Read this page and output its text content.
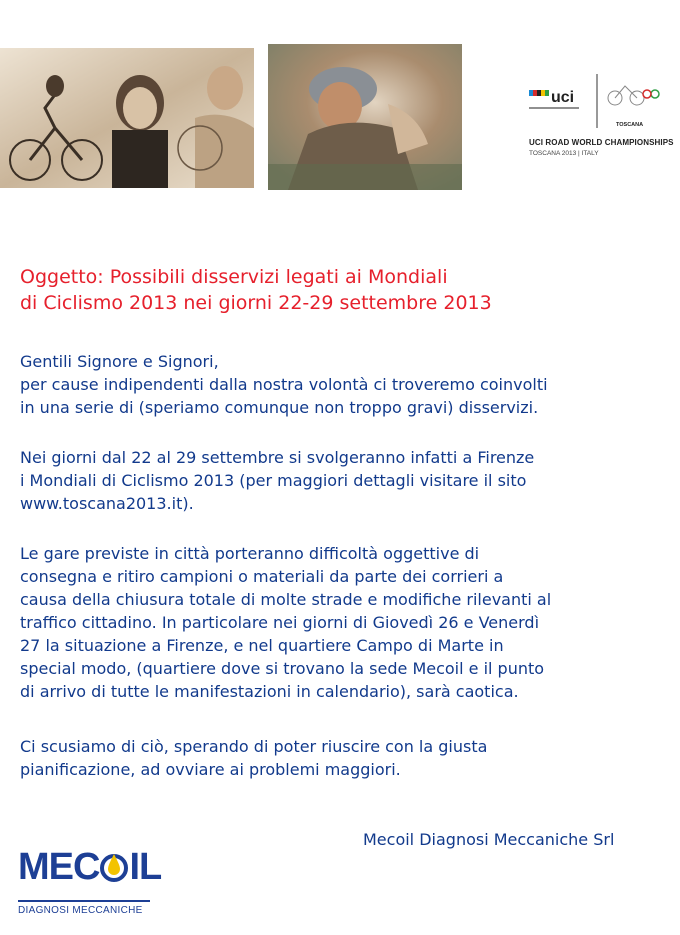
uci
TOSCANA
UCI ROAD WORLD CHAMPIONSHIPS
TOSCANA 2013 | ITALY
Oggetto: Possibili disservizi legati ai Mondiali
di Ciclismo 2013 nei giorni 22-29 settembre 2013

Gentili Signore e Signori,
per cause indipendenti dalla nostra volontà ci troveremo coinvolti
in una serie di (speriamo comunque non troppo gravi) disservizi.

Nei giorni dal 22 al 29 settembre si svolgeranno infatti a Firenze
i Mondiali di Ciclismo 2013 (per maggiori dettagli visitare il sito
www.toscana2013.it).

Le gare previste in città porteranno difficoltà oggettive di
consegna e ritiro campioni o materiali da parte dei corrieri a
causa della chiusura totale di molte strade e modifiche rilevanti al
traffico cittadino. In particolare nei giorni di Giovedì 26 e Venerdì
27 la situazione a Firenze, e nel quartiere Campo di Marte in
special modo, (quartiere dove si trovano la sede Mecoil e il punto
di arrivo di tutte le manifestazioni in calendario), sarà caotica.

Ci scusiamo di ciò, sperando di poter riuscire con la giusta
pianificazione, ad ovviare ai problemi maggiori.

Mecoil Diagnosi Meccaniche Srl

MEC IL
DIAGNOSI MECCANICHE
